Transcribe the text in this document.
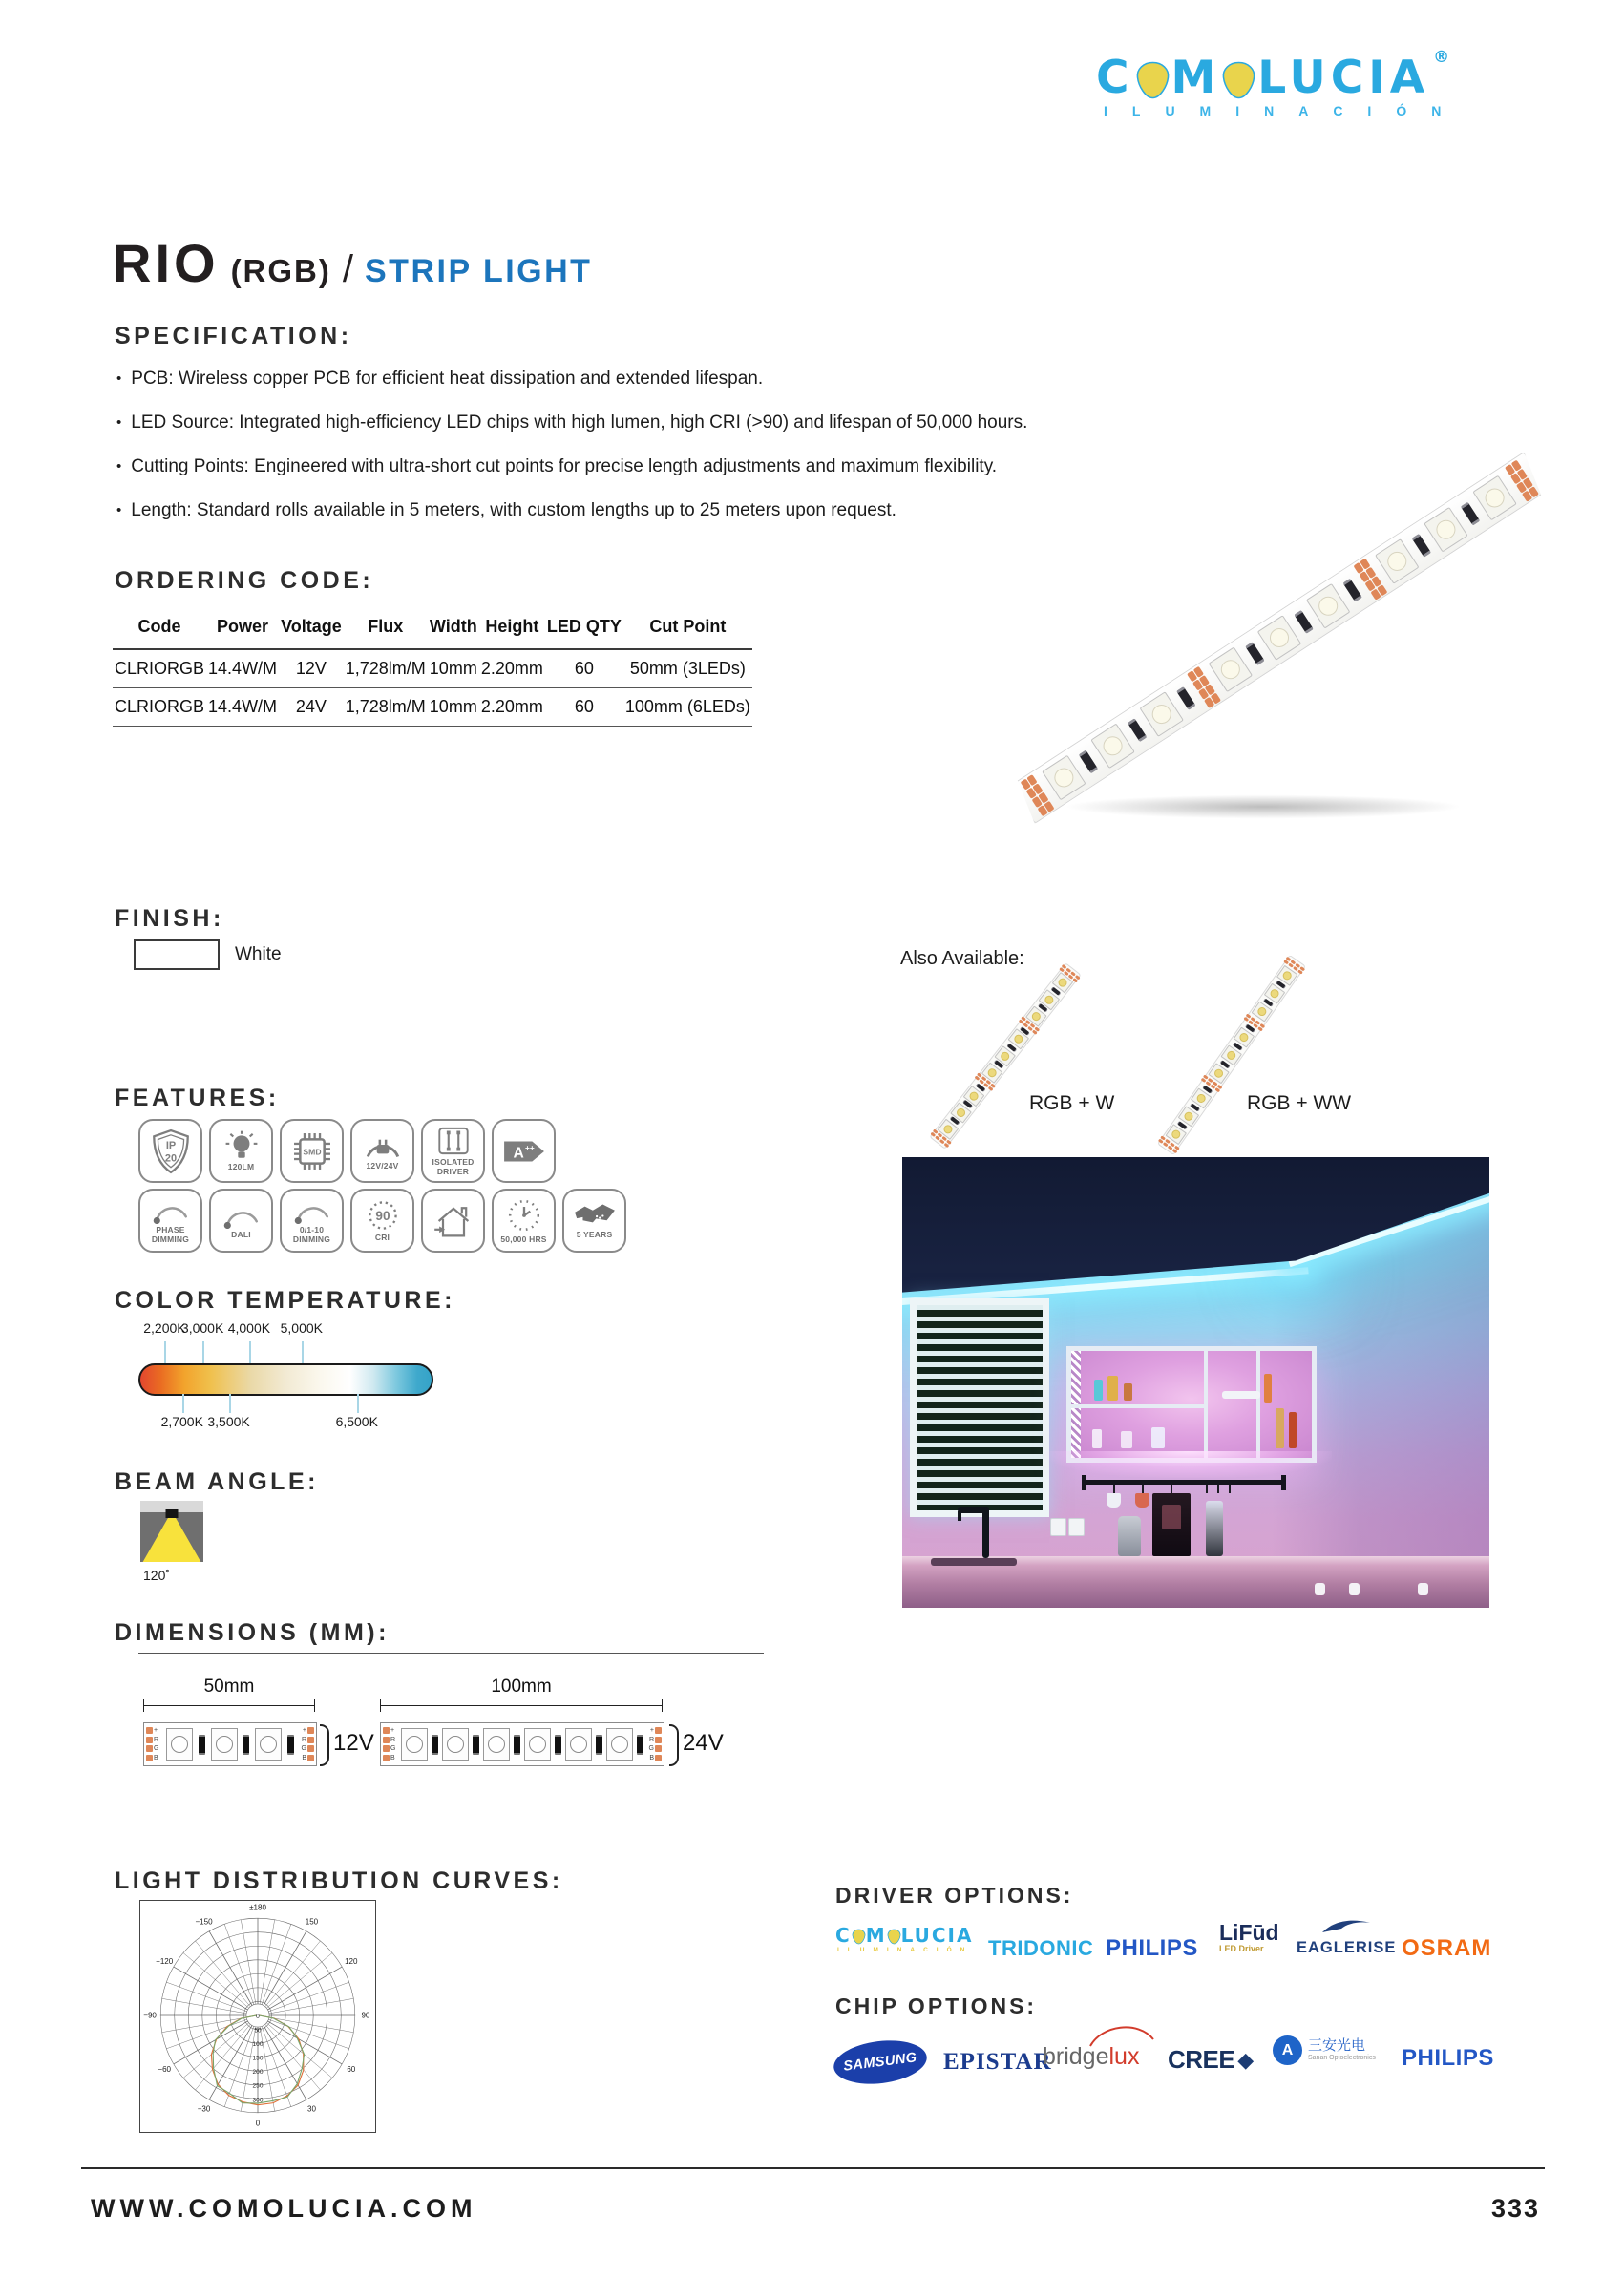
C M LUCIA ®
ILUMINACIÓN
RIO (RGB) / STRIP LIGHT
SPECIFICATION:
• PCB: Wireless copper PCB for efficient heat dissipation and extended lifespan.
• LED Source: Integrated high-efficiency LED chips with high lumen, high CRI (>90) and lifespan of 50,000 hours.
• Cutting Points: Engineered with ultra-short cut points for precise length adjustments and maximum flexibility.
• Length: Standard rolls available in 5 meters, with custom lengths up to 25 meters upon request.
ORDERING CODE:
Code	Power	Voltage	Flux	Width	Height	LED QTY	Cut Point
CLRIORGB	14.4W/M	12V	1,728lm/M	10mm	2.20mm	60	50mm (3LEDs)
CLRIORGB	14.4W/M	24V	1,728lm/M	10mm	2.20mm	60	100mm (6LEDs)
FINISH:
White	Also Available:
RGB + W	RGB + WW
FEATURES:
IP
20
120LM
SMD
12V/24V	ISOLATED DRIVER
A ++
PHASE DIMMING	DALI	0/1-10 DIMMING
90
CRI	50,000 HRS	5 YEARS
COLOR TEMPERATURE:
2,200K
3,000K 4,000K 5,000K
2,700K 3,500K	6,500K
BEAM ANGLE:
120˚
DIMENSIONS (MM):
50mm
+
R
G
B
+
R
G
B
12V
100mm
+
R
G
B
+
R
G
B
24V
LIGHT DISTRIBUTION CURVES:
0
50
100
150
200
250
300
±180
150
120
90
60
30
0
−30
−60
−90
−120
−150
DRIVER OPTIONS:
C M LUCIA
ILUMINACIÓN TRIDONIC PHILIPS
LiFūd
LED Driver	EAGLERISE OSRAM
CHIP OPTIONS:
SAMSUNG EPISTAR
bridgelux CREE ◆ A 三安光电
Sanan Optoelectronics PHILIPS
WWW.COMOLUCIA.COM	333
